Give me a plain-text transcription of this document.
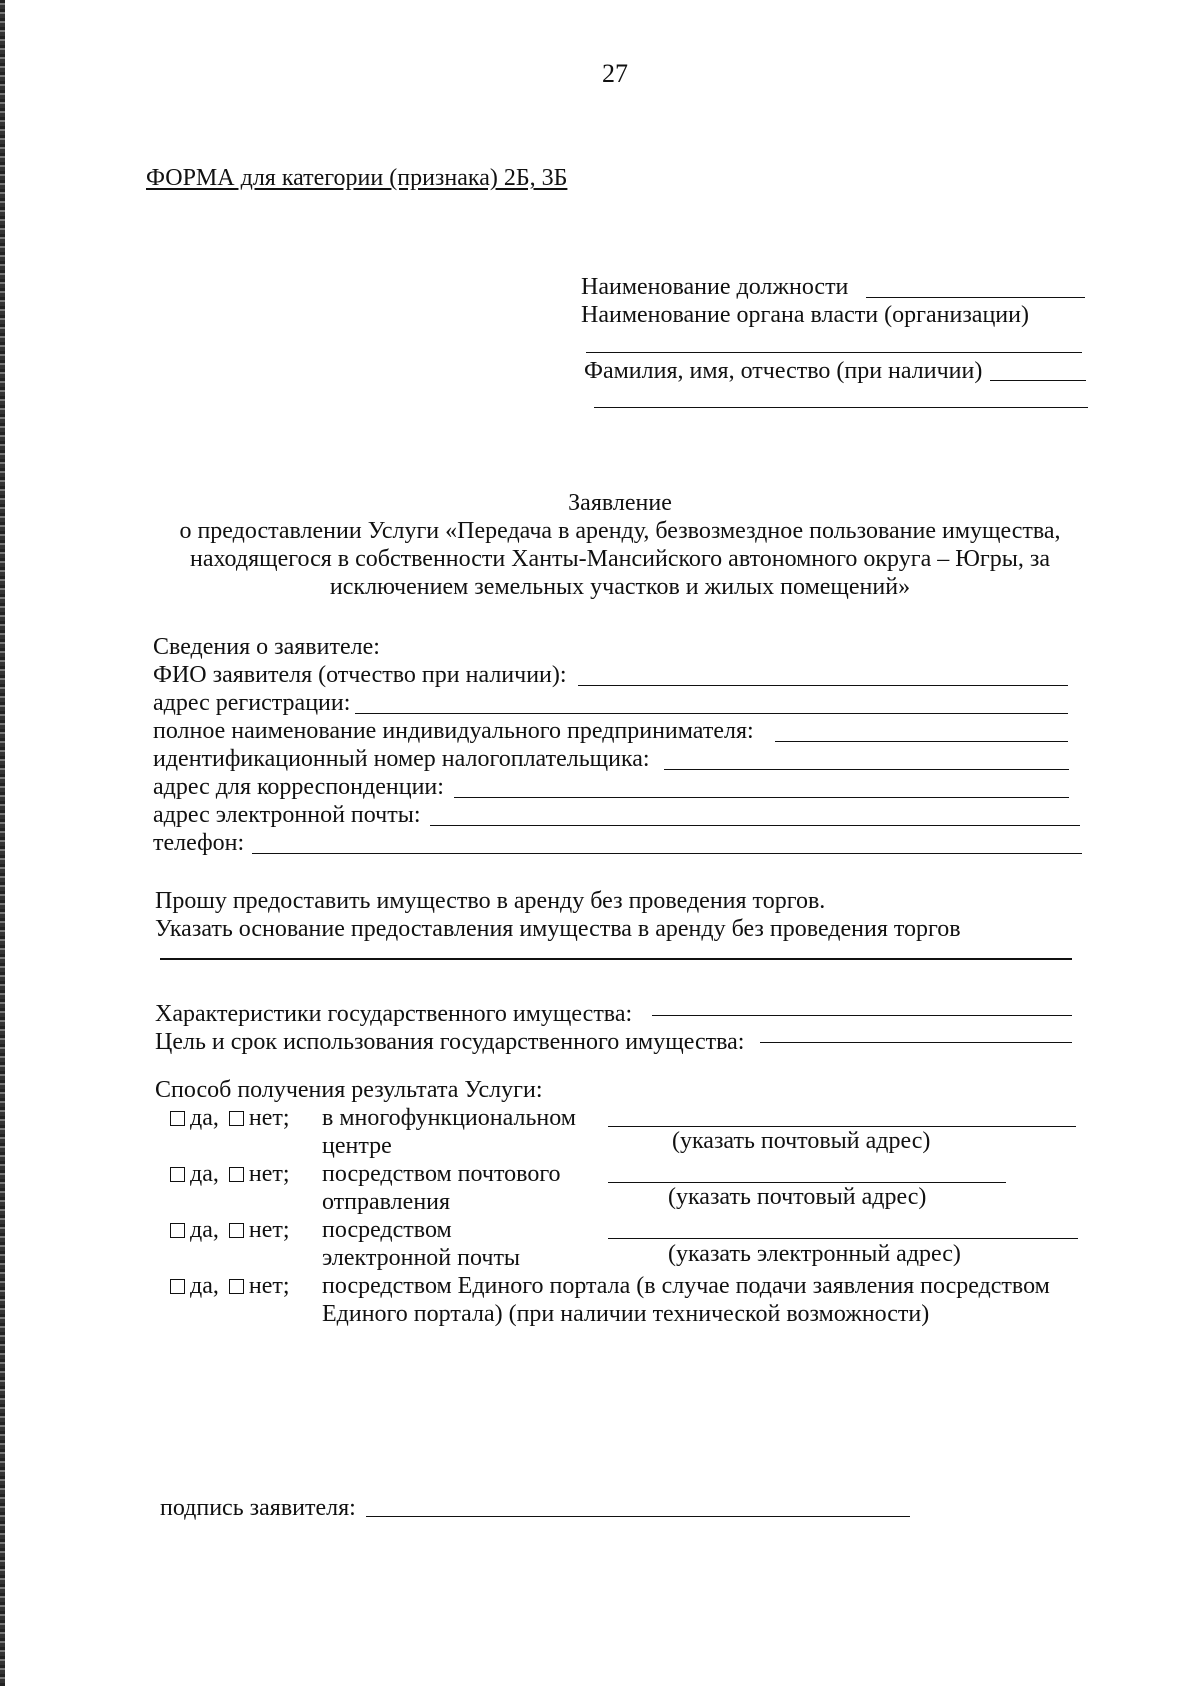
27
ФОРМА для категории (признака) 2Б, 3Б
Наименование должности
Наименование органа власти (организации)
Фамилия, имя, отчество (при наличии)
Заявление
о предоставлении Услуги «Передача в аренду, безвозмездное пользование имущества,
находящегося в собственности Ханты-Мансийского автономного округа – Югры, за
исключением земельных участков и жилых помещений»
Сведения о заявителе:
ФИО заявителя (отчество при наличии):
адрес регистрации:
полное наименование индивидуального предпринимателя:
идентификационный номер налогоплательщика:
адрес для корреспонденции:
адрес электронной почты:
телефон:
Прошу предоставить имущество в аренду без проведения торгов.
Указать основание предоставления имущества в аренду без проведения торгов
Характеристики государственного имущества:
Цель и срок использования государственного имущества:
Способ получения результата Услуги:
да, нет; в многофункциональном
центре	(указать почтовый адрес)
да, нет; посредством почтового
отправления	(указать почтовый адрес)
да, нет; посредством
электронной почты	(указать электронный адрес)
да, нет; посредством Единого портала (в случае подачи заявления посредством
Единого портала) (при наличии технической возможности)
подпись заявителя:
